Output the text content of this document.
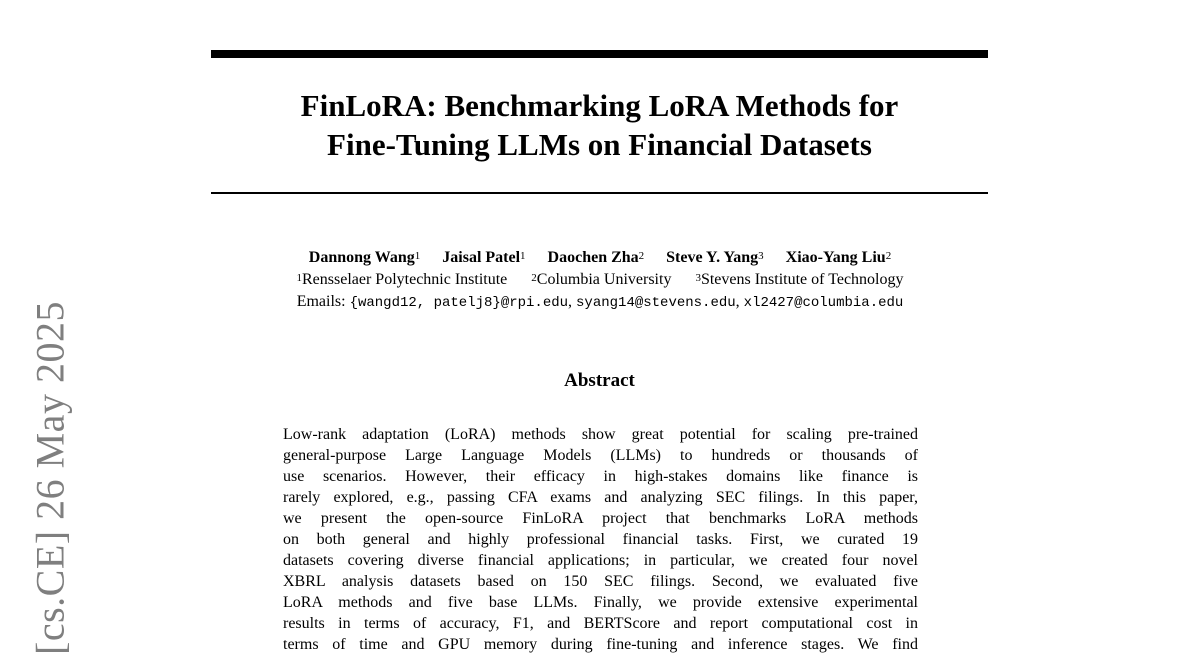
[cs.CE] 26 May 2025
FinLoRA: Benchmarking LoRA Methods for
Fine-Tuning LLMs on Financial Datasets
Dannong Wang$^1$ Jaisal Patel$^1$ Daochen Zha$^2$ Steve Y. Yang$^3$ Xiao-Yang Liu$^2$
$^1$Rensselaer Polytechnic Institute $^2$Columbia University $^3$Stevens Institute of Technology
Emails: {wangd12, patelj8}@rpi.edu, syang14@stevens.edu, xl2427@columbia.edu
Abstract

Low-rank adaptation (LoRA) methods show great potential for scaling pre-trained
general-purpose Large Language Models (LLMs) to hundreds or thousands of
use scenarios. However, their efficacy in high-stakes domains like finance is
rarely explored, e.g., passing CFA exams and analyzing SEC filings. In this paper,
we present the open-source FinLoRA project that benchmarks LoRA methods
on both general and highly professional financial tasks. First, we curated 19
datasets covering diverse financial applications; in particular, we created four novel
XBRL analysis datasets based on 150 SEC filings. Second, we evaluated five
LoRA methods and five base LLMs. Finally, we provide extensive experimental
results in terms of accuracy, F1, and BERTScore and report computational cost in
terms of time and GPU memory during fine-tuning and inference stages. We find
